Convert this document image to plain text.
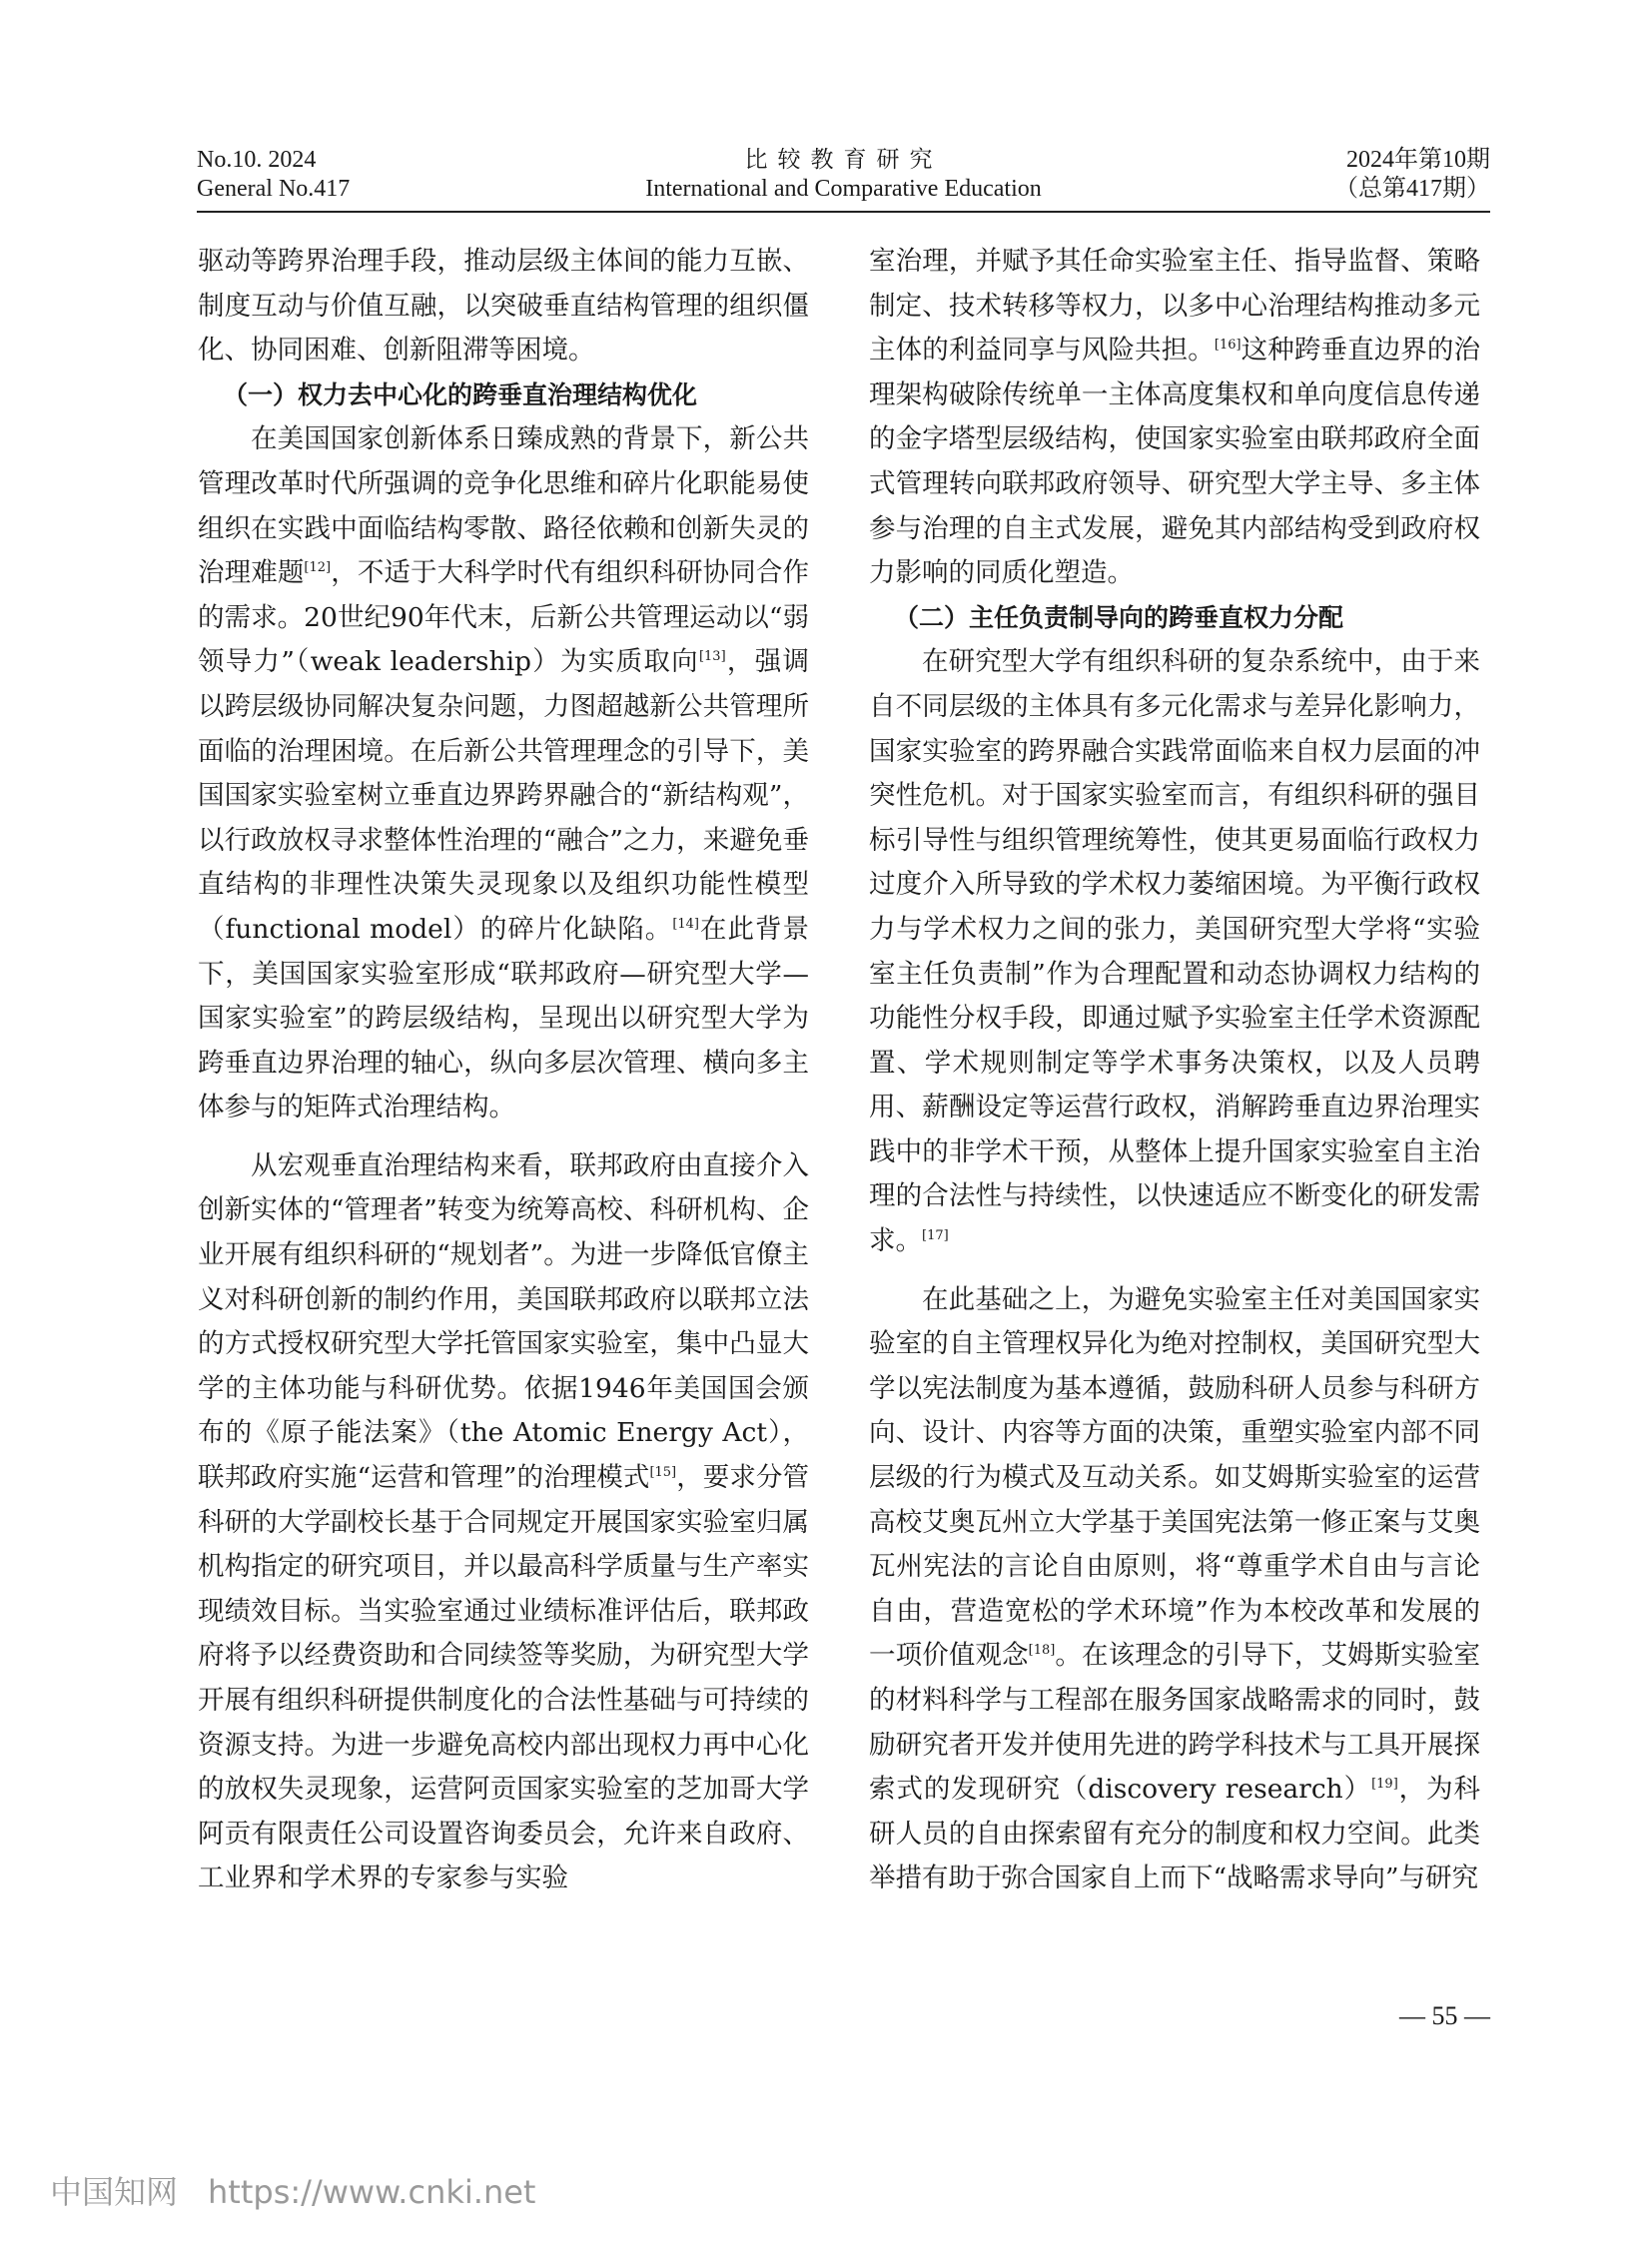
No.10. 2024
General No.417
比较教育研究
International and Comparative Education
2024年第10期
（总第417期）

驱动等跨界治理手段，推动层级主体间的能力互嵌、制度互动与价值互融，以突破垂直结构管理的组织僵化、协同困难、创新阻滞等困境。

（一）权力去中心化的跨垂直治理结构优化

在美国国家创新体系日臻成熟的背景下，新公共管理改革时代所强调的竞争化思维和碎片化职能易使组织在实践中面临结构零散、路径依赖和创新失灵的治理难题[12]，不适于大科学时代有组织科研协同合作的需求。20世纪90年代末，后新公共管理运动以“弱领导力”（weak leadership）为实质取向[13]，强调以跨层级协同解决复杂问题，力图超越新公共管理所面临的治理困境。在后新公共管理理念的引导下，美国国家实验室树立垂直边界跨界融合的“新结构观”，以行政放权寻求整体性治理的“融合”之力，来避免垂直结构的非理性决策失灵现象以及组织功能性模型（functional model）的碎片化缺陷。[14]在此背景下，美国国家实验室形成“联邦政府—研究型大学—国家实验室”的跨层级结构，呈现出以研究型大学为跨垂直边界治理的轴心，纵向多层次管理、横向多主体参与的矩阵式治理结构。

从宏观垂直治理结构来看，联邦政府由直接介入创新实体的“管理者”转变为统筹高校、科研机构、企业开展有组织科研的“规划者”。为进一步降低官僚主义对科研创新的制约作用，美国联邦政府以联邦立法的方式授权研究型大学托管国家实验室，集中凸显大学的主体功能与科研优势。依据1946年美国国会颁布的《原子能法案》（the Atomic Energy Act），联邦政府实施“运营和管理”的治理模式[15]，要求分管科研的大学副校长基于合同规定开展国家实验室归属机构指定的研究项目，并以最高科学质量与生产率实现绩效目标。当实验室通过业绩标准评估后，联邦政府将予以经费资助和合同续签等奖励，为研究型大学开展有组织科研提供制度化的合法性基础与可持续的资源支持。为进一步避免高校内部出现权力再中心化的放权失灵现象，运营阿贡国家实验室的芝加哥大学阿贡有限责任公司设置咨询委员会，允许来自政府、工业界和学术界的专家参与实验

室治理，并赋予其任命实验室主任、指导监督、策略制定、技术转移等权力，以多中心治理结构推动多元主体的利益同享与风险共担。[16]这种跨垂直边界的治理架构破除传统单一主体高度集权和单向度信息传递的金字塔型层级结构，使国家实验室由联邦政府全面式管理转向联邦政府领导、研究型大学主导、多主体参与治理的自主式发展，避免其内部结构受到政府权力影响的同质化塑造。

（二）主任负责制导向的跨垂直权力分配

在研究型大学有组织科研的复杂系统中，由于来自不同层级的主体具有多元化需求与差异化影响力，国家实验室的跨界融合实践常面临来自权力层面的冲突性危机。对于国家实验室而言，有组织科研的强目标引导性与组织管理统筹性，使其更易面临行政权力过度介入所导致的学术权力萎缩困境。为平衡行政权力与学术权力之间的张力，美国研究型大学将“实验室主任负责制”作为合理配置和动态协调权力结构的功能性分权手段，即通过赋予实验室主任学术资源配置、学术规则制定等学术事务决策权，以及人员聘用、薪酬设定等运营行政权，消解跨垂直边界治理实践中的非学术干预，从整体上提升国家实验室自主治理的合法性与持续性，以快速适应不断变化的研发需求。[17]

在此基础之上，为避免实验室主任对美国国家实验室的自主管理权异化为绝对控制权，美国研究型大学以宪法制度为基本遵循，鼓励科研人员参与科研方向、设计、内容等方面的决策，重塑实验室内部不同层级的行为模式及互动关系。如艾姆斯实验室的运营高校艾奥瓦州立大学基于美国宪法第一修正案与艾奥瓦州宪法的言论自由原则，将“尊重学术自由与言论自由，营造宽松的学术环境”作为本校改革和发展的一项价值观念[18]。在该理念的引导下，艾姆斯实验室的材料科学与工程部在服务国家战略需求的同时，鼓励研究者开发并使用先进的跨学科技术与工具开展探索式的发现研究（discovery research）[19]，为科研人员的自由探索留有充分的制度和权力空间。此类举措有助于弥合国家自上而下“战略需求导向”与研究

— 55 —
中国知网 https://www.cnki.net
